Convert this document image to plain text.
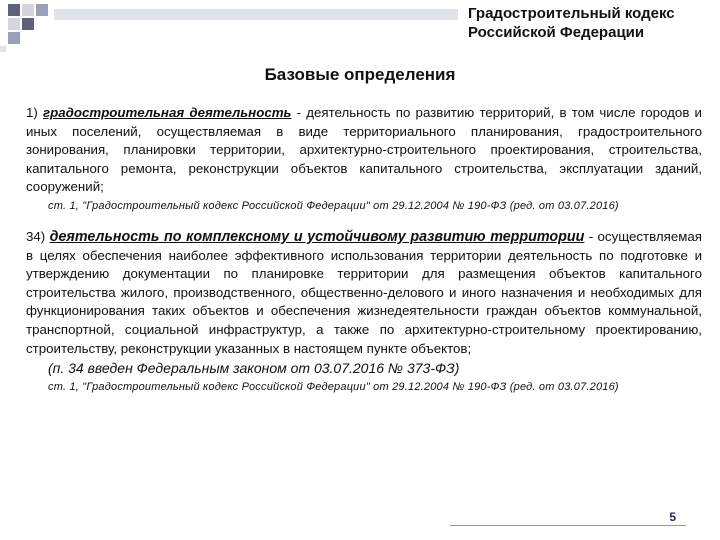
Градостроительный кодекс
Российской Федерации
Базовые определения

1) градостроительная деятельность - деятельность по развитию территорий, в том числе городов и иных поселений, осуществляемая в виде территориального планирования, градостроительного зонирования, планировки территории, архитектурно-строительного проектирования, строительства, капитального ремонта, реконструкции объектов капитального строительства, эксплуатации зданий, сооружений;

ст. 1, "Градостроительный кодекс Российской Федерации" от 29.12.2004 № 190-ФЗ (ред. от 03.07.2016)

34) деятельность по комплексному и устойчивому развитию территории - осуществляемая в целях обеспечения наиболее эффективного использования территории деятельность по подготовке и утверждению документации по планировке территории для размещения объектов капитального строительства жилого, производственного, общественно-делового и иного назначения и необходимых для функционирования таких объектов и обеспечения жизнедеятельности граждан объектов коммунальной, транспортной, социальной инфраструктур, а также по архитектурно-строительному проектированию, строительству, реконструкции указанных в настоящем пункте объектов;

(п. 34 введен Федеральным законом от 03.07.2016 № 373-ФЗ)
ст. 1, "Градостроительный кодекс Российской Федерации" от 29.12.2004 № 190-ФЗ (ред. от 03.07.2016)
5
